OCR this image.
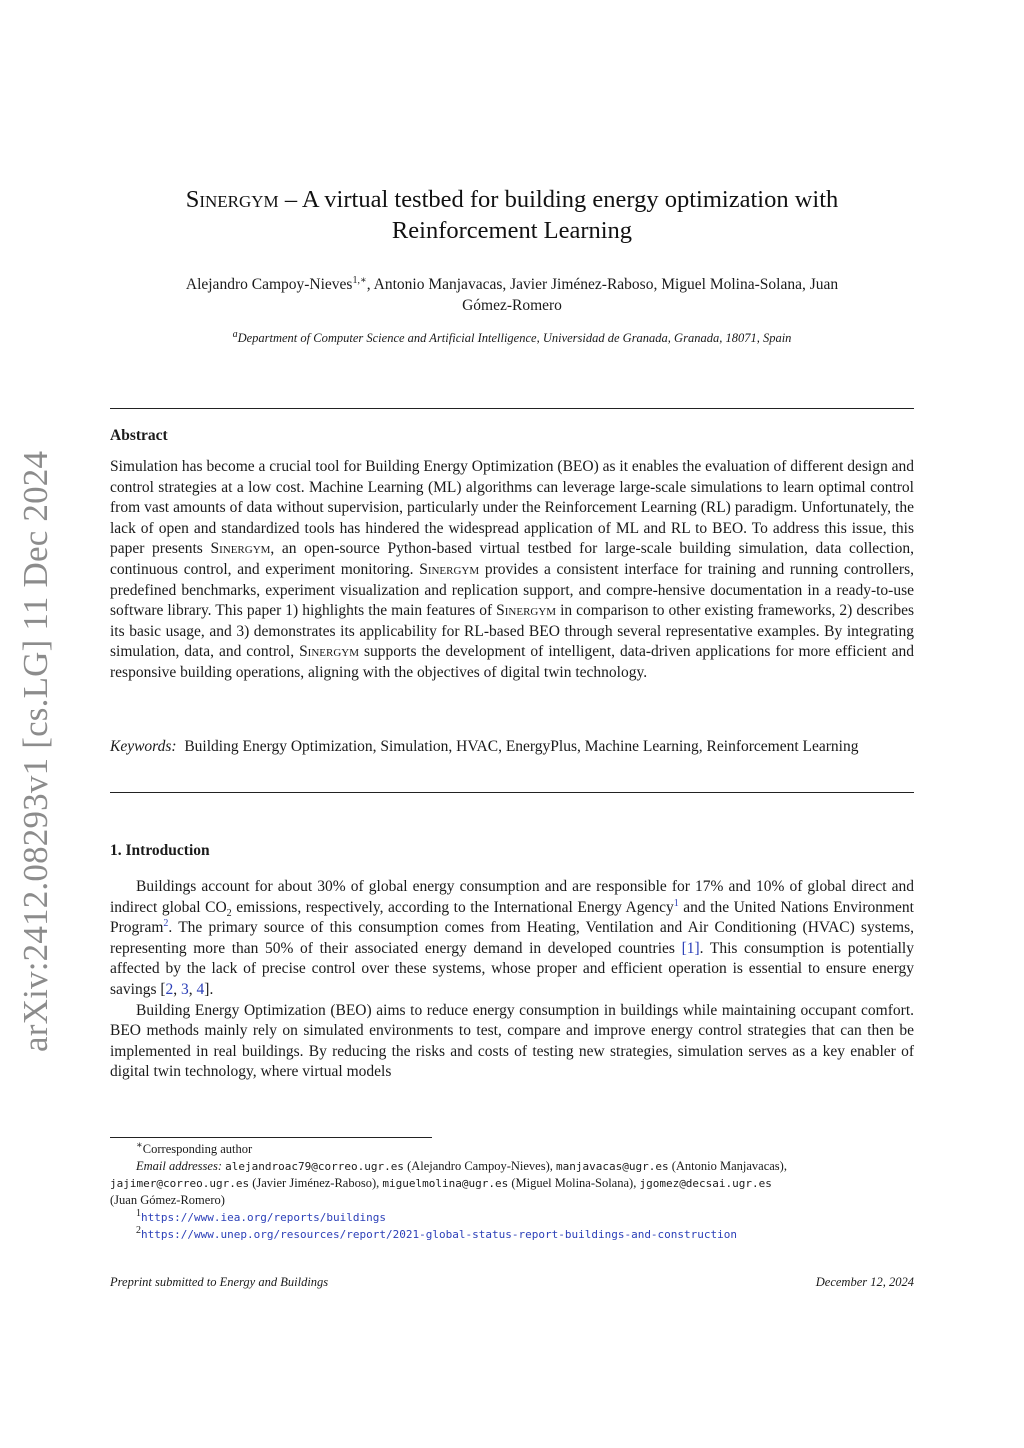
arXiv:2412.08293v1 [cs.LG] 11 Dec 2024
Sinergym – A virtual testbed for building energy optimization with
Reinforcement Learning
Alejandro Campoy-Nieves$^{1,∗}$, Antonio Manjavacas, Javier Jiménez-Raboso, Miguel Molina-Solana, Juan
Gómez-Romero
$^a$Department of Computer Science and Artificial Intelligence, Universidad de Granada, Granada, 18071, Spain
Abstract
Simulation has become a crucial tool for Building Energy Optimization (BEO) as it enables the evaluation of different design and control strategies at a low cost. Machine Learning (ML) algorithms can leverage large-scale simulations to learn optimal control from vast amounts of data without supervision, particularly under the Reinforcement Learning (RL) paradigm. Unfortunately, the lack of open and standardized tools has hindered the widespread application of ML and RL to BEO. To address this issue, this paper presents Sinergym, an open-source Python-based virtual testbed for large-scale building simulation, data collection, continuous control, and experiment monitoring. Sinergym provides a consistent interface for training and running controllers, predefined benchmarks, experiment visualization and replication support, and compre-hensive documentation in a ready-to-use software library. This paper 1) highlights the main features of Sinergym in comparison to other existing frameworks, 2) describes its basic usage, and 3) demonstrates its applicability for RL-based BEO through several representative examples. By integrating simulation, data, and control, Sinergym supports the development of intelligent, data-driven applications for more efficient and responsive building operations, aligning with the objectives of digital twin technology.
Keywords: Building Energy Optimization, Simulation, HVAC, EnergyPlus, Machine Learning, Reinforcement Learning
1. Introduction

Buildings account for about 30% of global energy consumption and are responsible for 17% and 10% of global direct and indirect global $CO_2$ emissions, respectively, according to the International Energy Agency$^1$ and the United Nations Environment Program$^2$. The primary source of this consumption comes from Heating, Ventilation and Air Conditioning (HVAC) systems, representing more than 50% of their associated energy demand in developed countries [1]. This consumption is potentially affected by the lack of precise control over these systems, whose proper and efficient operation is essential to ensure energy savings [2, 3, 4].

Building Energy Optimization (BEO) aims to reduce energy consumption in buildings while maintaining occupant comfort. BEO methods mainly rely on simulated environments to test, compare and improve energy control strategies that can then be implemented in real buildings. By reducing the risks and costs of testing new strategies, simulation serves as a key enabler of digital twin technology, where virtual models

∗Corresponding author
Email addresses: alejandroac79@correo.ugr.es (Alejandro Campoy-Nieves), manjavacas@ugr.es (Antonio Manjavacas),
jajimer@correo.ugr.es (Javier Jiménez-Raboso), miguelmolina@ugr.es (Miguel Molina-Solana), jgomez@decsai.ugr.es
(Juan Gómez-Romero)
$^1$https://www.iea.org/reports/buildings
$^2$https://www.unep.org/resources/report/2021-global-status-report-buildings-and-construction
Preprint submitted to Energy and Buildings	December 12, 2024
